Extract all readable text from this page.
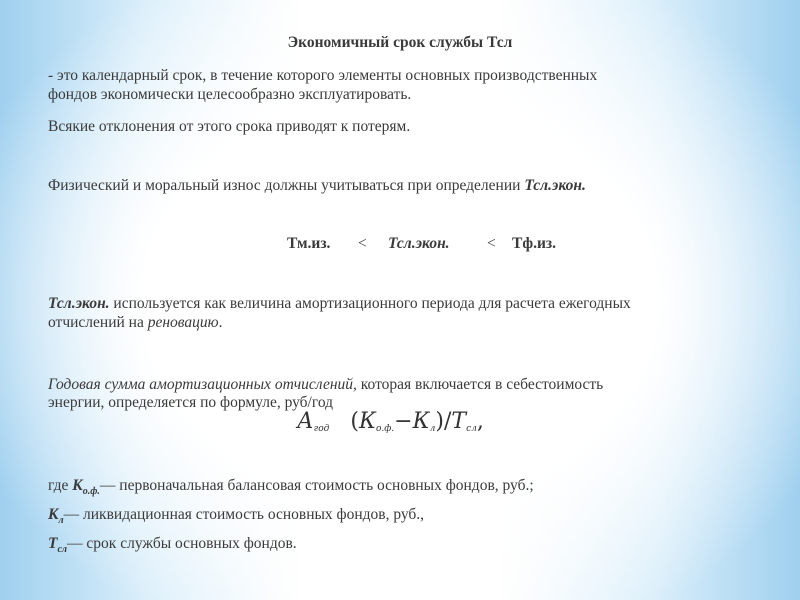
Экономичный срок службы Тсл
- это календарный срок, в течение которого элементы основных производственных
фондов экономически целесообразно эксплуатировать.
Всякие отклонения от этого срока приводят к потерям.
Физический и моральный износ должны учитываться при определении Тсл.экон.
Тм.из. < Тсл.экон. < Тф.из.
Тсл.экон. используется как величина амортизационного периода для расчета ежегодных
отчислений на реновацию.
Годовая сумма амортизационных отчислений, которая включается в себестоимость
энергии, определяется по формуле, руб/год
$А_{год}$ $(К_{о.ф.}-К_л)/Т_{сл}$,
где $К_{о.ф.}—$ первоначальная балансовая стоимость основных фондов, руб.;
$К_л—$ ликвидационная стоимость основных фондов, руб.,
$Т_{сл}—$ срок службы основных фондов.
